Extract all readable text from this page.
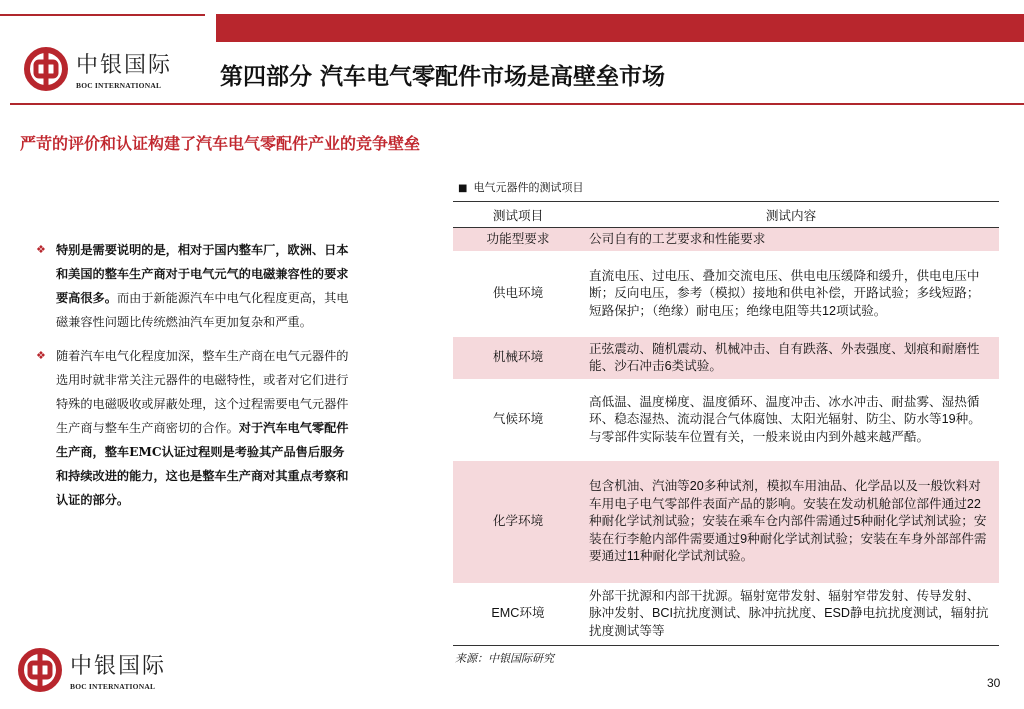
中银国际
BOC INTERNATIONAL	第四部分 汽车电气零配件市场是高壁垒市场
严苛的评价和认证构建了汽车电气零配件产业的竞争壁垒
❖ 特别是需要说明的是，相对于国内整车厂，欧洲、日本和美国的整车生产商对于电气元气的电磁兼容性的要求要高很多。而由于新能源汽车中电气化程度更高，其电磁兼容性问题比传统燃油汽车更加复杂和严重。
❖ 随着汽车电气化程度加深，整车生产商在电气元器件的选用时就非常关注元器件的电磁特性，或者对它们进行特殊的电磁吸收或屏蔽处理，这个过程需要电气元器件生产商与整车生产商密切的合作。对于汽车电气零配件生产商，整车EMC认证过程则是考验其产品售后服务和持续改进的能力，这也是整车生产商对其重点考察和认证的部分。
■ 电气元器件的测试项目
测试项目	测试内容
功能型要求	公司自有的工艺要求和性能要求
供电环境	直流电压、过电压、叠加交流电压、供电电压缓降和缓升，供电电压中断；反向电压，参考（模拟）接地和供电补偿，开路试验；多线短路；短路保护；（绝缘）耐电压；绝缘电阻等共12项试验。
机械环境	正弦震动、随机震动、机械冲击、自有跌落、外表强度、划痕和耐磨性能、沙石冲击6类试验。
气候环境	高低温、温度梯度、温度循环、温度冲击、冰水冲击、耐盐雾、湿热循环、稳态湿热、流动混合气体腐蚀、太阳光辐射、防尘、防水等19种。与零部件实际装车位置有关，一般来说由内到外越来越严酷。
化学环境	包含机油、汽油等20多种试剂，模拟车用油品、化学品以及一般饮料对车用电子电气零部件表面产品的影响。安装在发动机舱部位部件通过22种耐化学试剂试验；安装在乘车仓内部件需通过5种耐化学试剂试验；安装在行李舱内部件需要通过9种耐化学试剂试验；安装在车身外部部件需要通过11种耐化学试剂试验。
EMC环境	外部干扰源和内部干扰源。辐射宽带发射、辐射窄带发射、传导发射、脉冲发射、BCI抗扰度测试、脉冲抗扰度、ESD静电抗扰度测试，辐射抗扰度测试等等
来源：中银国际研究
中银国际
BOC INTERNATIONAL	30
